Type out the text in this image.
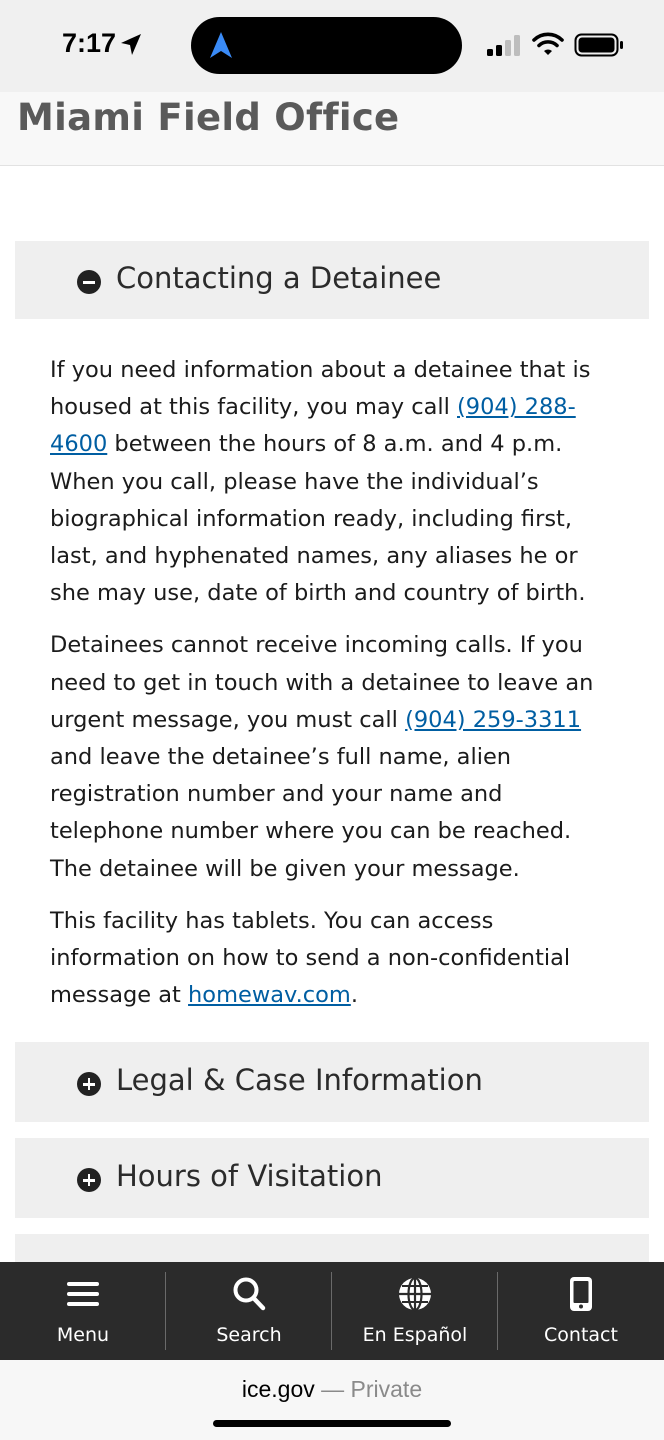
7:17
Miami Field Office
Contacting a Detainee

If you need information about a detainee that is housed at this facility, you may call (904) 288-4600 between the hours of 8 a.m. and 4 p.m. When you call, please have the individual’s biographical information ready, including first, last, and hyphenated names, any aliases he or she may use, date of birth and country of birth.

Detainees cannot receive incoming calls. If you need to get in touch with a detainee to leave an urgent message, you must call (904) 259-3311 and leave the detainee’s full name, alien registration number and your name and telephone number where you can be reached. The detainee will be given your message.

This facility has tablets. You can access information on how to send a non-confidential message at homewav.com.

Legal & Case Information
Hours of Visitation
Menu	Search	En Español	Contact
ice.gov — Private
